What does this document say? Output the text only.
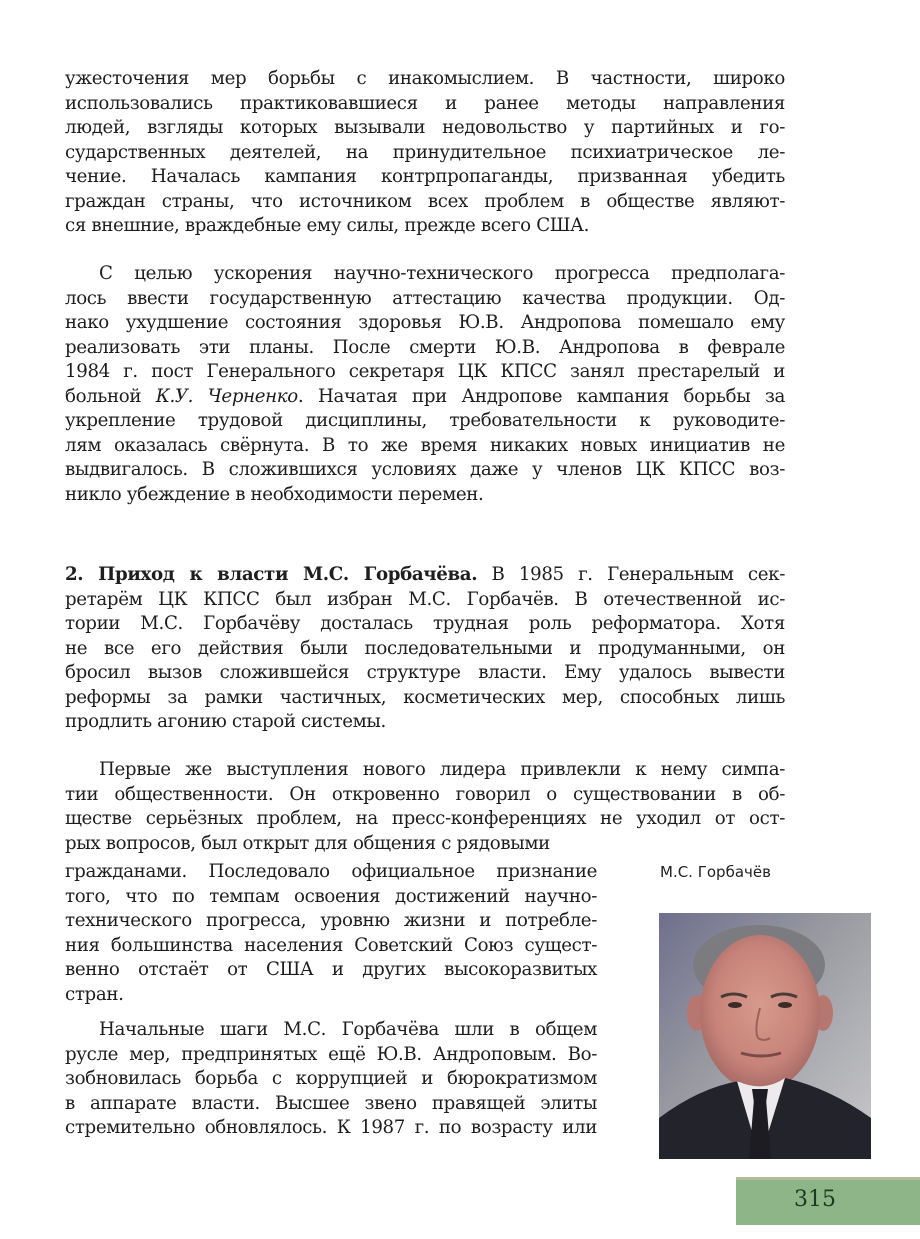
ужесточения мер борьбы с инакомыслием. В частности, широко
использовались практиковавшиеся и ранее методы направления
людей, взгляды которых вызывали недовольство у партийных и го-
сударственных деятелей, на принудительное психиатрическое ле-
чение. Началась кампания контрпропаганды, призванная убедить
граждан страны, что источником всех проблем в обществе являют-
ся внешние, враждебные ему силы, прежде всего США.
С целью ускорения научно-технического прогресса предполага-
лось ввести государственную аттестацию качества продукции. Од-
нако ухудшение состояния здоровья Ю.В. Андропова помешало ему
реализовать эти планы. После смерти Ю.В. Андропова в феврале
1984 г. пост Генерального секретаря ЦК КПСС занял престарелый и
больной К.У. Черненко. Начатая при Андропове кампания борьбы за
укрепление трудовой дисциплины, требовательности к руководите-
лям оказалась свёрнута. В то же время никаких новых инициатив не
выдвигалось. В сложившихся условиях даже у членов ЦК КПСС воз-
никло убеждение в необходимости перемен.
2. Приход к власти М.С. Горбачёва. В 1985 г. Генеральным сек-
ретарём ЦК КПСС был избран М.С. Горбачёв. В отечественной ис-
тории М.С. Горбачёву досталась трудная роль реформатора. Хотя
не все его действия были последовательными и продуманными, он
бросил вызов сложившейся структуре власти. Ему удалось вывести
реформы за рамки частичных, косметических мер, способных лишь
продлить агонию старой системы.
Первые же выступления нового лидера привлекли к нему симпа-
тии общественности. Он откровенно говорил о существовании в об-
ществе серьёзных проблем, на пресс-конференциях не уходил от ост-
рых вопросов, был открыт для общения с рядовыми
гражданами. Последовало официальное признание
того, что по темпам освоения достижений научно-
технического прогресса, уровню жизни и потребле-
ния большинства населения Советский Союз сущест-
венно отстаёт от США и других высокоразвитых
стран.
Начальные шаги М.С. Горбачёва шли в общем
русле мер, предпринятых ещё Ю.В. Андроповым. Во-
зобновилась борьба с коррупцией и бюрократизмом
в аппарате власти. Высшее звено правящей элиты
стремительно обновлялось. К 1987 г. по возрасту или
М.С. Горбачёв
315
